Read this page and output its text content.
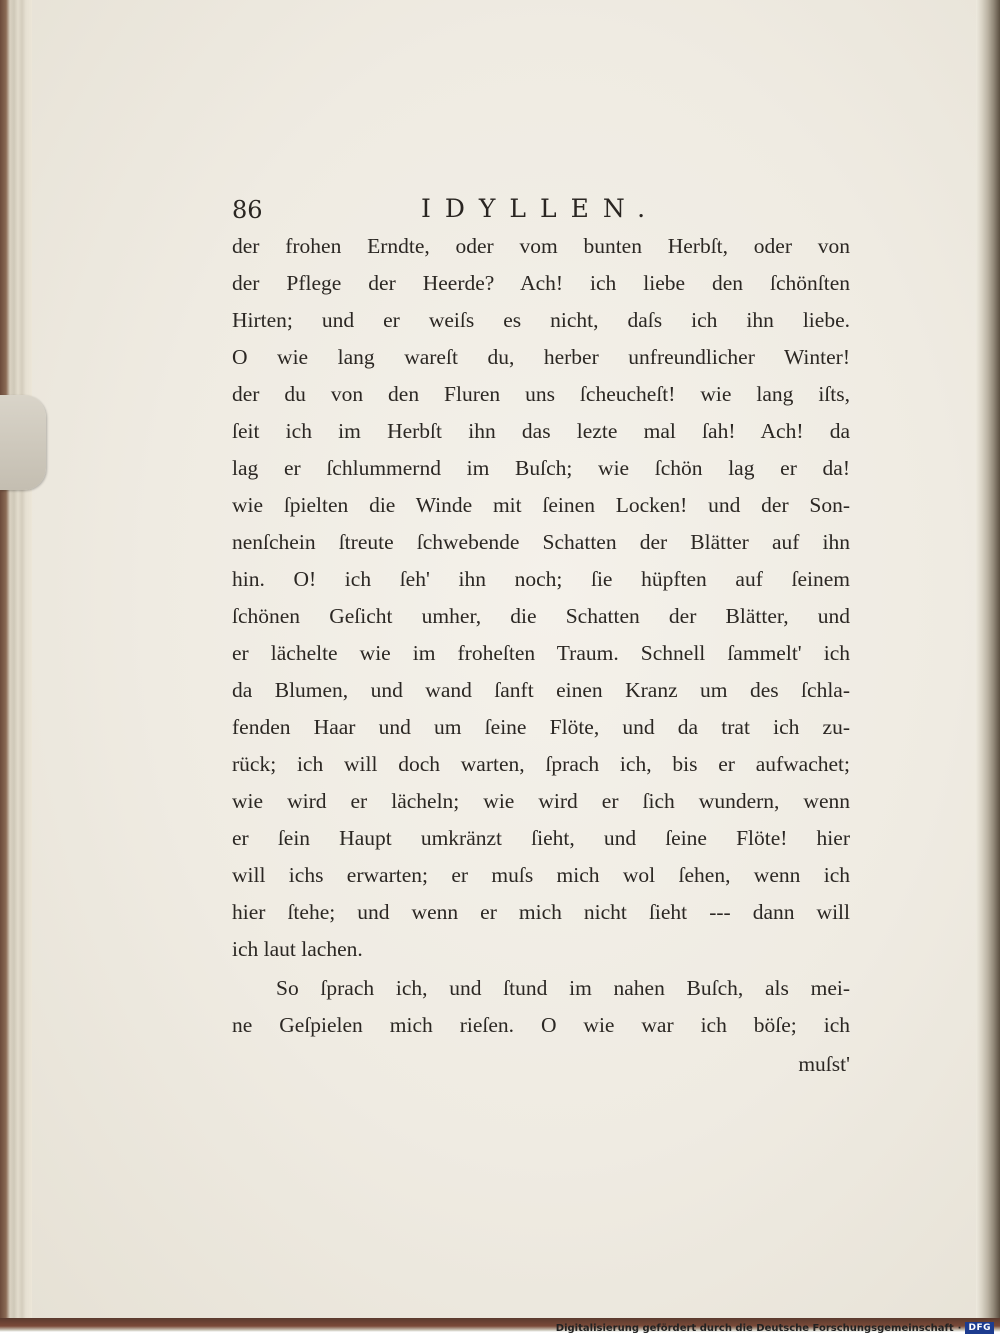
86	IDYLLEN.
der frohen Erndte, oder vom bunten Herbſt, oder von
der Pflege der Heerde? Ach! ich liebe den ſchönſten
Hirten; und er weiſs es nicht, daſs ich ihn liebe.
O wie lang wareſt du, herber unfreundlicher Winter!
der du von den Fluren uns ſcheucheſt! wie lang iſts,
ſeit ich im Herbſt ihn das lezte mal ſah! Ach! da
lag er ſchlummernd im Buſch; wie ſchön lag er da!
wie ſpielten die Winde mit ſeinen Locken! und der Son-
nenſchein ſtreute ſchwebende Schatten der Blätter auf ihn
hin. O! ich ſeh' ihn noch; ſie hüpften auf ſeinem
ſchönen Geſicht umher, die Schatten der Blätter, und
er lächelte wie im froheſten Traum. Schnell ſammelt' ich
da Blumen, und wand ſanft einen Kranz um des ſchla-
fenden Haar und um ſeine Flöte, und da trat ich zu-
rück; ich will doch warten, ſprach ich, bis er aufwachet;
wie wird er lächeln; wie wird er ſich wundern, wenn
er ſein Haupt umkränzt ſieht, und ſeine Flöte! hier
will ichs erwarten; er muſs mich wol ſehen, wenn ich
hier ſtehe; und wenn er mich nicht ſieht --- dann will
ich laut lachen.
So ſprach ich, und ſtund im nahen Buſch, als mei-
ne Geſpielen mich rieſen. O wie war ich böſe; ich
muſst'
Digitalisierung gefördert durch die Deutsche Forschungsgemeinschaft · DFG
